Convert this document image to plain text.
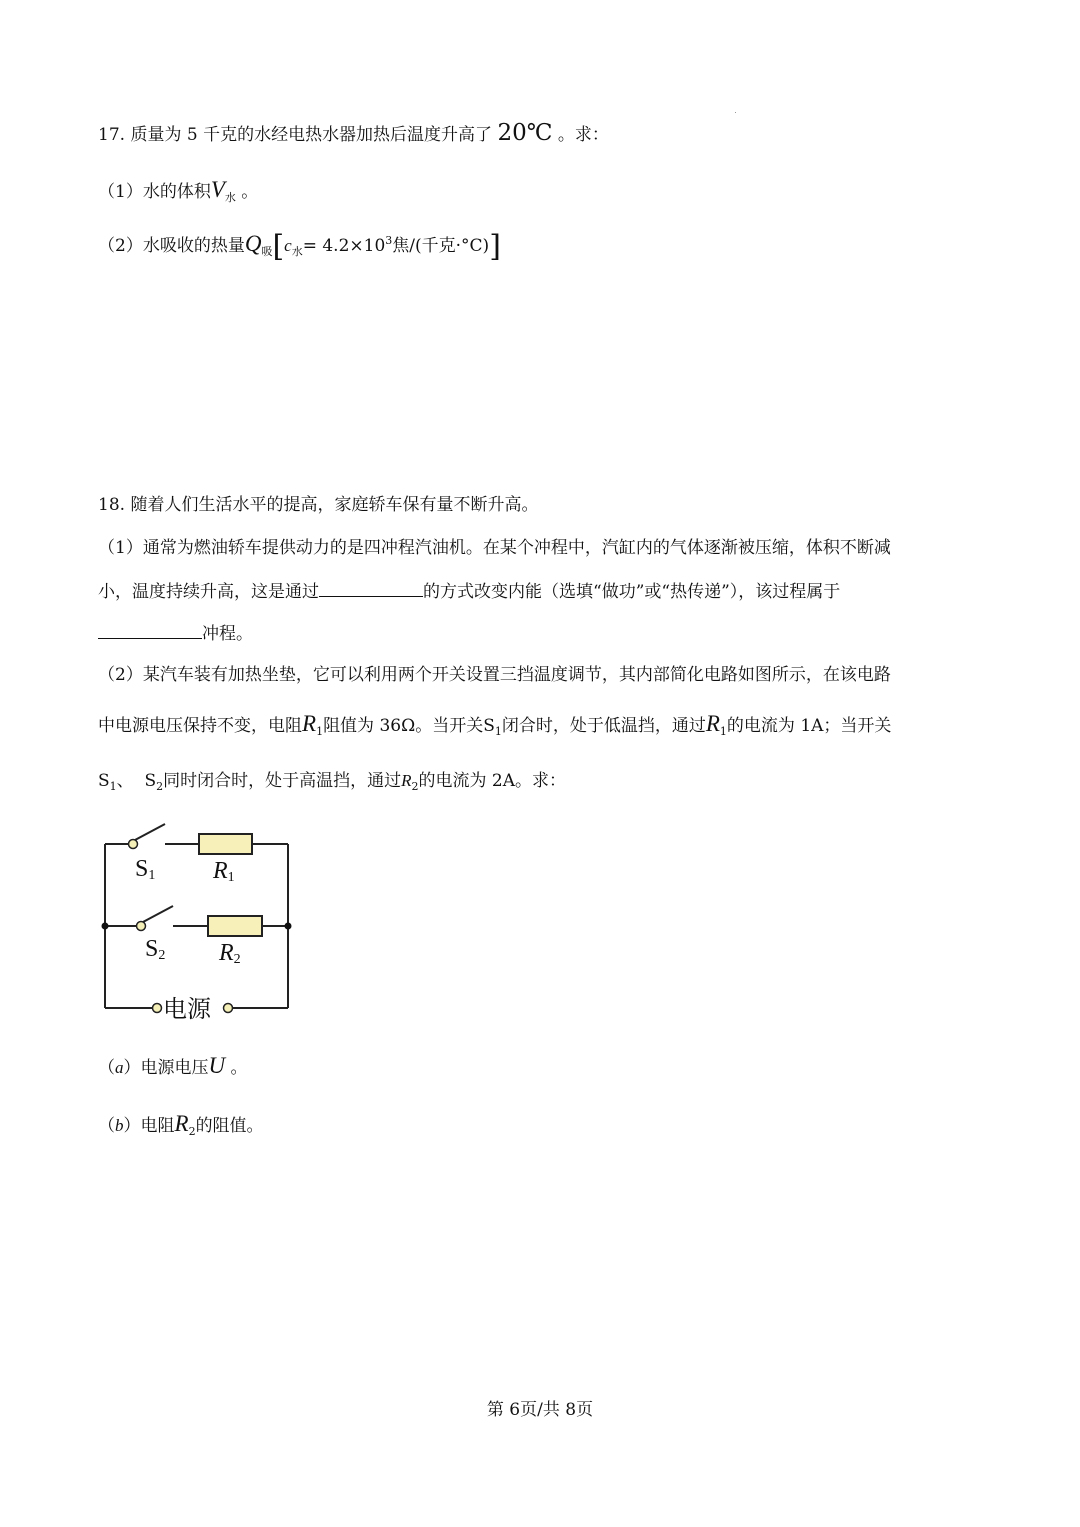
17. 质量为 5 千克的水经电热水器加热后温度升高了 20℃ 。求：
（1）水的体积$V_水$ 。
（2）水吸收的热量$Q_吸[c_水= 4.2\times 10^3$焦/(千克·°C)]
18. 随着人们生活水平的提高，家庭轿车保有量不断升高。
（1）通常为燃油轿车提供动力的是四冲程汽油机。在某个冲程中，汽缸内的气体逐渐被压缩，体积不断减
小，温度持续升高，这是通过	的方式改变内能（选填“做功”或“热传递”），该过程属于
冲程。
（2）某汽车装有加热坐垫，它可以利用两个开关设置三挡温度调节，其内部简化电路如图所示，在该电路
中电源电压保持不变，电阻$R_1$阻值为 36Ω。当开关$S_1$闭合时，处于低温挡，通过$R_1$的电流为 1A；当开关
$S_1$、 $S_2$同时闭合时，处于高温挡，通过$R_2$的电流为 2A。求：
S1 R1
S2 R2
电源
（a）电源电压U 。
（b）电阻$R_2$的阻值。
第 6页/共 8页
